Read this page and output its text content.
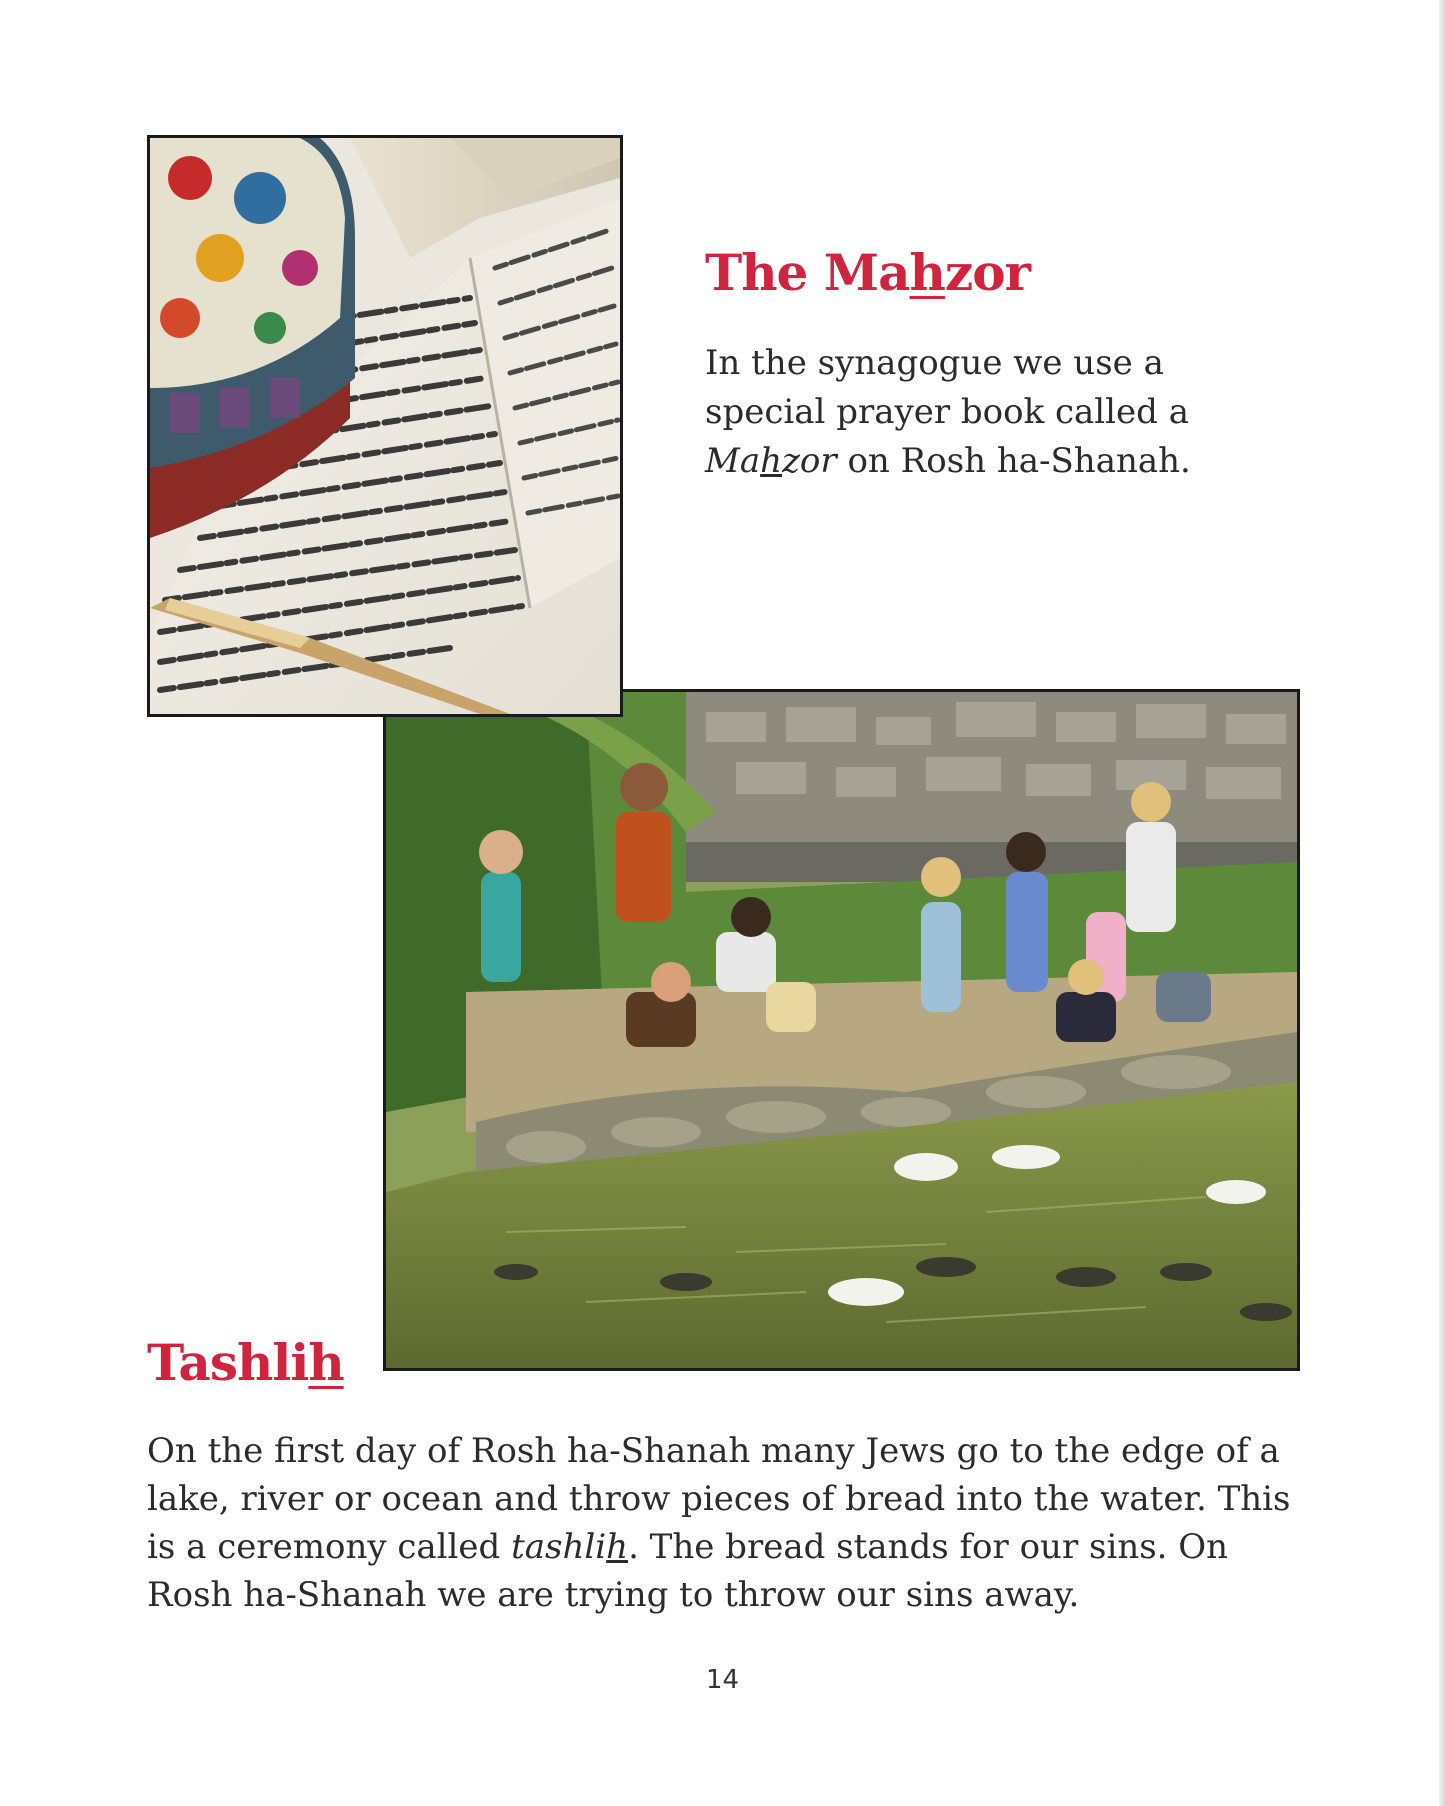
The Mahzor

In the synagogue we use a special prayer book called a Mahzor on Rosh ha-Shanah.

Tashlih

On the first day of Rosh ha-Shanah many Jews go to the edge of a lake, river or ocean and throw pieces of bread into the water. This is a ceremony called tashlih. The bread stands for our sins. On Rosh ha-Shanah we are trying to throw our sins away.

14
